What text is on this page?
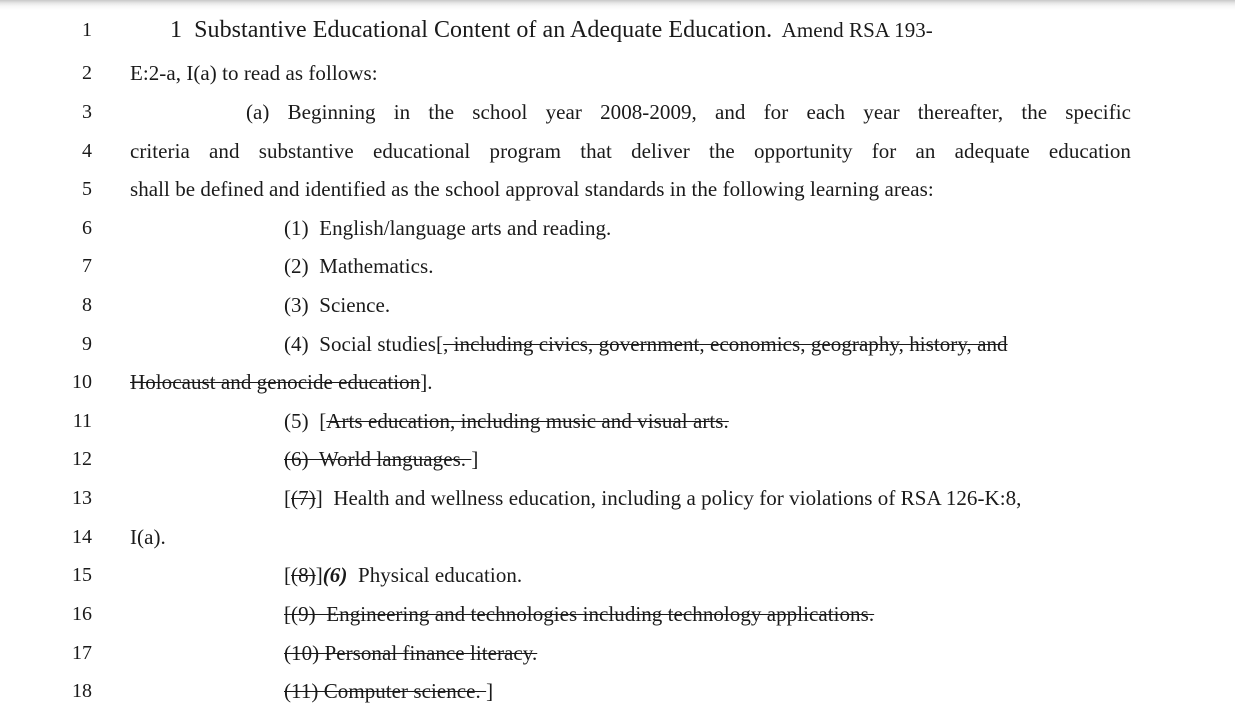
1	1  Substantive Educational Content of an Adequate Education.  Amend RSA 193-
2 E:2-a, I(a) to read as follows:
3	(a) Beginning in the school year 2008-2009, and for each year thereafter, the specific
4 criteria and substantive educational program that deliver the opportunity for an adequate education
5 shall be defined and identified as the school approval standards in the following learning areas:
6	(1)  English/language arts and reading.
7	(2)  Mathematics.
8	(3)  Science.
9	(4)  Social studies[, including civics, government, economics, geography, history, and
10 Holocaust and genocide education].
11	(5)  [Arts education, including music and visual arts.
12	(6)  World languages. ]
13	[(7)]  Health and wellness education, including a policy for violations of RSA 126-K:8,
14 I(a).
15	[(8)](6)  Physical education.
16	[(9)  Engineering and technologies including technology applications.
17	(10) Personal finance literacy.
18	(11) Computer science. ]
